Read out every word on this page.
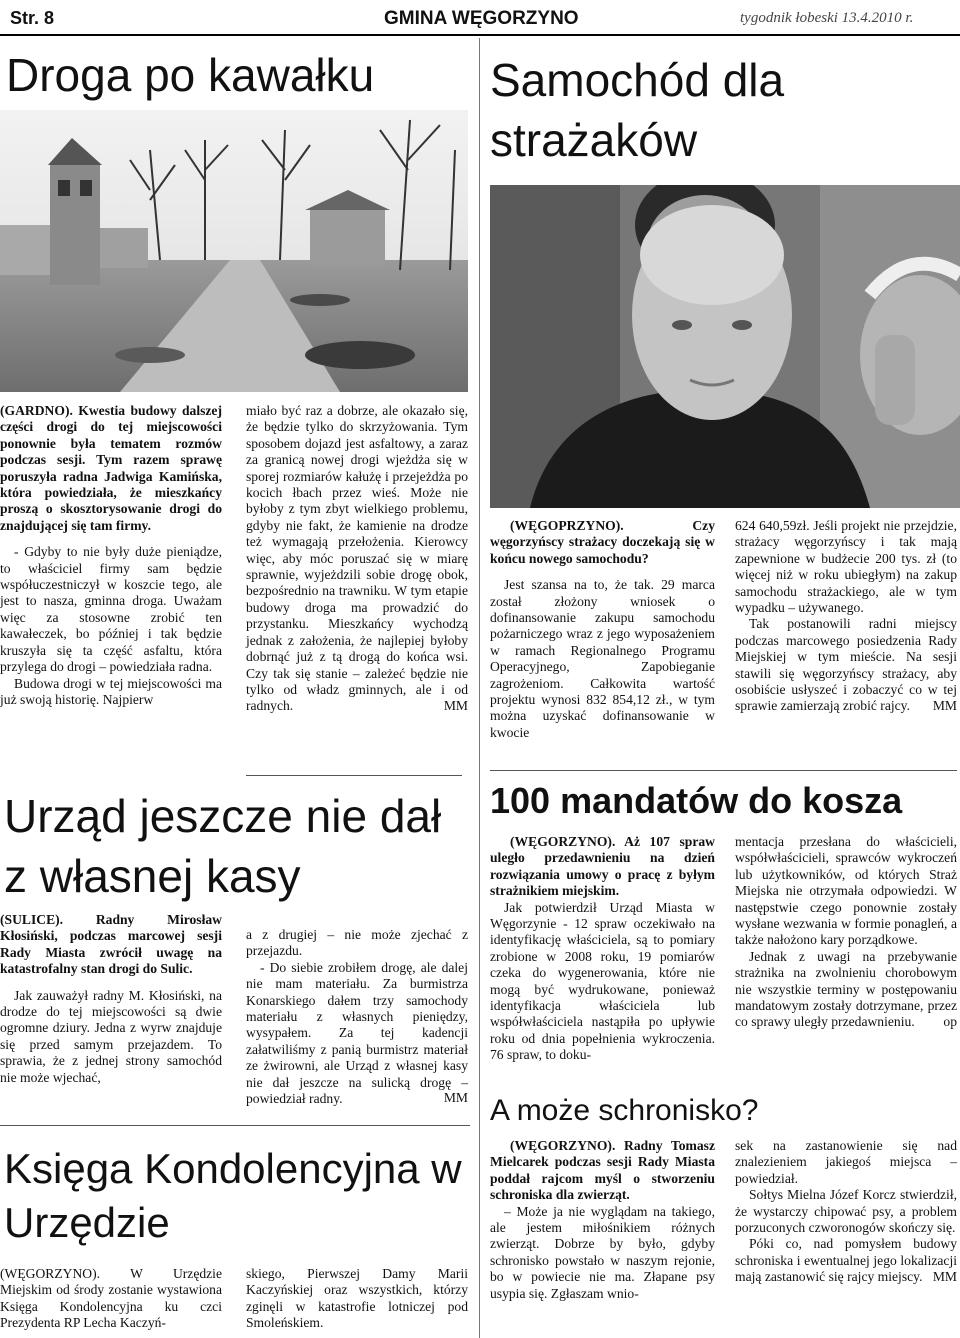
Str. 8	GMINA WĘGORZYNO	tygodnik łobeski 13.4.2010 r.
Droga po kawałku

(GARDNO). Kwestia budowy dalszej części drogi do tej miejscowości ponownie była tematem rozmów podczas sesji. Tym razem sprawę poruszyła radna Jadwiga Kamińska, która powiedziała, że mieszkańcy proszą o skosztorysowanie drogi do znajdującej się tam firmy.

- Gdyby to nie były duże pieniądze, to właściciel firmy sam będzie współuczestniczył w koszcie tego, ale jest to nasza, gminna droga. Uważam więc za stosowne zrobić ten kawałeczek, bo później i tak będzie kruszyła się ta część asfaltu, która przylega do drogi – powiedziała radna.

Budowa drogi w tej miejscowości ma już swoją historię. Najpierw

miało być raz a dobrze, ale okazało się, że będzie tylko do skrzyżowania. Tym sposobem dojazd jest asfaltowy, a zaraz za granicą nowej drogi wjeżdża się w sporej rozmiarów kałużę i przejeżdża po kocich łbach przez wieś. Może nie byłoby z tym zbyt wielkiego problemu, gdyby nie fakt, że kamienie na drodze też wymagają przełożenia. Kierowcy więc, aby móc poruszać się w miarę sprawnie, wyjeżdzili sobie drogę obok, bezpośrednio na trawniku. W tym etapie budowy droga ma prowadzić do przystanku. Mieszkańcy wychodzą jednak z założenia, że najlepiej byłoby dobrnąć już z tą drogą do końca wsi. Czy tak się stanie – zależeć będzie nie tylko od władz gminnych, ale i od radnych.	MM
Urząd jeszcze nie dał z własnej kasy

(SULICE). Radny Mirosław Kłosiński, podczas marcowej sesji Rady Miasta zwrócił uwagę na katastrofalny stan drogi do Sulic.

Jak zauważył radny M. Kłosiński, na drodze do tej miejscowości są dwie ogromne dziury. Jedna z wyrw znajduje się przed samym przejazdem. To sprawia, że z jednej strony samochód nie może wjechać,

a z drugiej – nie może zjechać z przejazdu.

- Do siebie zrobiłem drogę, ale dalej nie mam materiału. Za burmistrza Konarskiego dałem trzy samochody materiału z własnych pieniędzy, wysypałem. Za tej kadencji załatwiliśmy z panią burmistrz materiał ze żwirowni, ale Urząd z własnej kasy nie dał jeszcze na sulicką drogę – powiedział radny.	MM
Księga Kondolencyjna w Urzędzie

(WĘGORZYNO). W Urzędzie Miejskim od środy zostanie wystawiona Księga Kondolencyjna ku czci Prezydenta RP Lecha Kaczyń-

skiego, Pierwszej Damy Marii Kaczyńskiej oraz wszystkich, którzy zginęli w katastrofie lotniczej pod Smoleńskiem.

Samochód dla strażaków

(WĘGOPRZYNO). Czy węgorzyńscy strażacy doczekają się w końcu nowego samochodu?

Jest szansa na to, że tak. 29 marca został złożony wniosek o dofinansowanie zakupu samochodu pożarniczego wraz z jego wyposażeniem w ramach Regionalnego Programu Operacyjnego, Zapobieganie zagrożeniom. Całkowita wartość projektu wynosi 832 854,12 zł., w tym można uzyskać dofinansowanie w kwocie

624 640,59zł. Jeśli projekt nie przejdzie, strażacy węgorzyńscy i tak mają zapewnione w budżecie 200 tys. zł (to więcej niż w roku ubiegłym) na zakup samochodu strażackiego, ale w tym wypadku – używanego.

Tak postanowili radni miejscy podczas marcowego posiedzenia Rady Miejskiej w tym mieście. Na sesji stawili się węgorzyńscy strażacy, aby osobiście usłyszeć i zobaczyć co w tej sprawie zamierzają zrobić rajcy.	MM
100 mandatów do kosza

(WĘGORZYNO). Aż 107 spraw uległo przedawnieniu na dzień rozwiązania umowy o pracę z byłym strażnikiem miejskim.

Jak potwierdził Urząd Miasta w Węgorzynie - 12 spraw oczekiwało na identyfikację właściciela, są to pomiary zrobione w 2008 roku, 19 pomiarów czeka do wygenerowania, które nie mogą być wydrukowane, ponieważ identyfikacja właściciela lub współwłaściciela nastąpiła po upływie roku od dnia popełnienia wykroczenia. 76 spraw, to doku-

mentacja przesłana do właścicieli, współwłaścicieli, sprawców wykroczeń lub użytkowników, od których Straż Miejska nie otrzymała odpowiedzi. W następstwie czego ponownie zostały wysłane wezwania w formie ponagleń, a także nałożono kary porządkowe.

Jednak z uwagi na przebywanie strażnika na zwolnieniu chorobowym nie wszystkie terminy w postępowaniu mandatowym zostały dotrzymane, przez co sprawy uległy przedawnieniu.	op
A może schronisko?

(WĘGORZYNO). Radny Tomasz Mielcarek podczas sesji Rady Miasta poddał rajcom myśl o stworzeniu schroniska dla zwierząt.

– Może ja nie wyglądam na takiego, ale jestem miłośnikiem różnych zwierząt. Dobrze by było, gdyby schronisko powstało w naszym rejonie, bo w powiecie nie ma. Złapane psy usypia się. Zgłaszam wnio-

sek na zastanowienie się nad znalezieniem jakiegoś miejsca – powiedział.

Sołtys Mielna Józef Korcz stwierdził, że wystarczy chipować psy, a problem porzuconych czworonogów skończy się.

Póki co, nad pomysłem budowy schroniska i ewentualnej jego lokalizacji mają zastanowić się rajcy miejscy. MM
